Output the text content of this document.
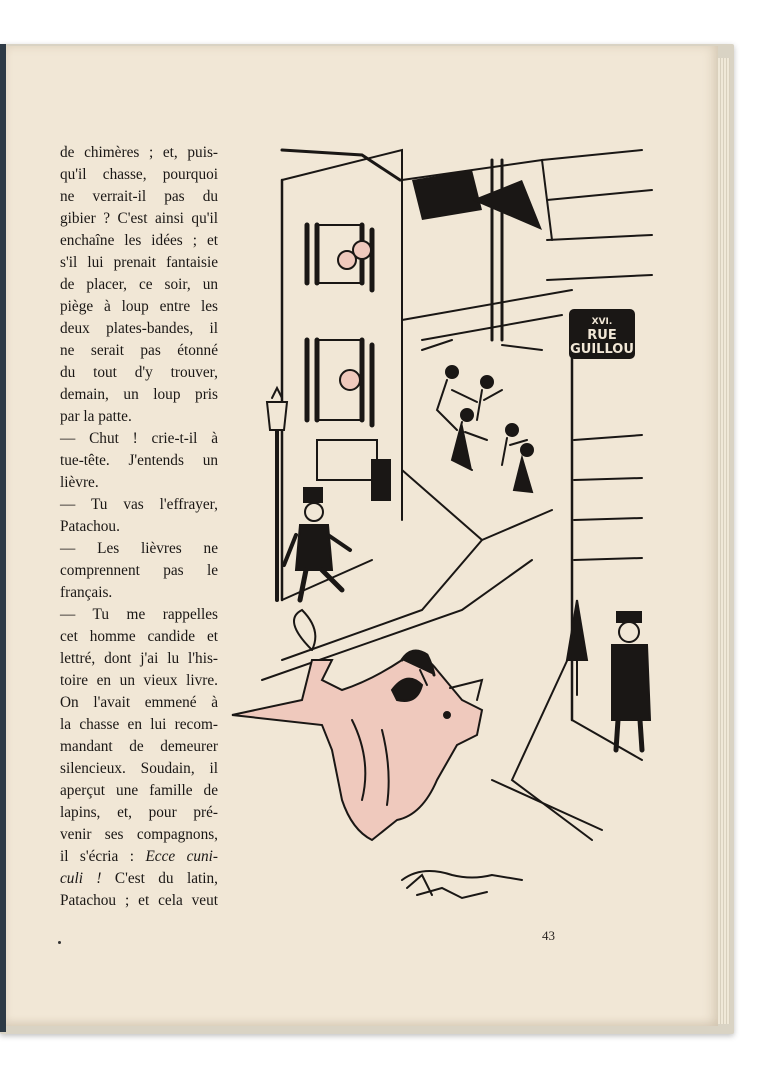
de chimères ; et, puis-
qu'il chasse, pourquoi
ne verrait-il pas du
gibier ? C'est ainsi qu'il
enchaîne les idées ; et
s'il lui prenait fantaisie
de placer, ce soir, un
piège à loup entre les
deux plates-bandes, il
ne serait pas étonné
du tout d'y trouver,
demain, un loup pris
par la patte.
— Chut ! crie-t-il à
tue-tête. J'entends un
lièvre.
— Tu vas l'effrayer,
Patachou.
— Les lièvres ne
comprennent pas le
français.
— Tu me rappelles
cet homme candide et
lettré, dont j'ai lu l'his-
toire en un vieux livre.
On l'avait emmené à
la chasse en lui recom-
mandant de demeurer
silencieux. Soudain, il
aperçut une famille de
lapins, et, pour pré-
venir ses compagnons,
il s'écria : Ecce cuni-
culi ! C'est du latin,
Patachou ; et cela veut
XVI.
RUE
GUILLOU
43
